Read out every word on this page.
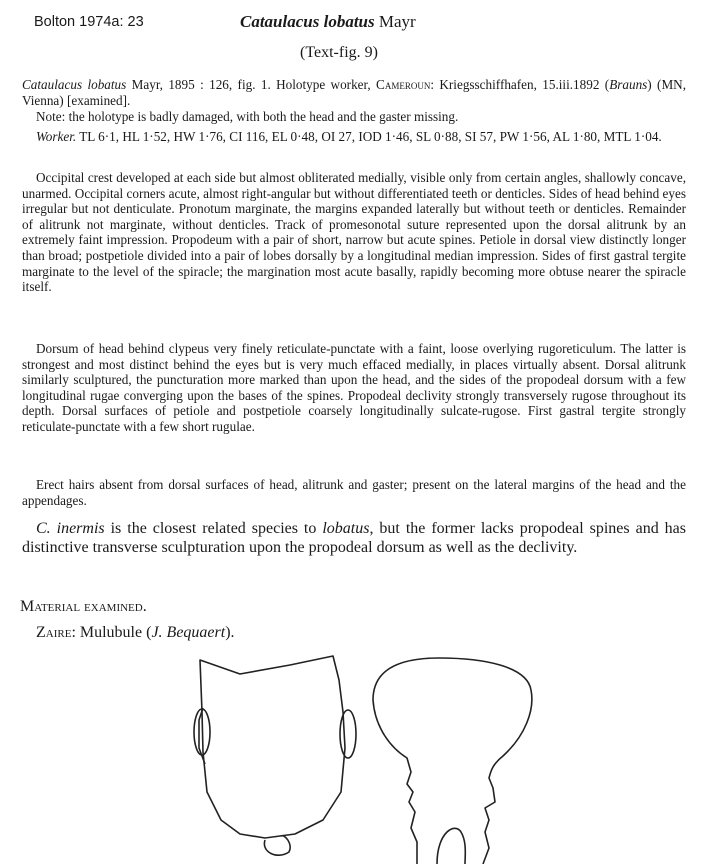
Bolton 1974a: 23	Cataulacus lobatus Mayr
(Text-fig. 9)

Cataulacus lobatus Mayr, 1895 : 126, fig. 1. Holotype worker, Cameroun: Kriegsschiffhafen, 15.iii.1892 (Brauns) (MN, Vienna) [examined].

Note: the holotype is badly damaged, with both the head and the gaster missing.

Worker. TL 6·1, HL 1·52, HW 1·76, CI 116, EL 0·48, OI 27, IOD 1·46, SL 0·88, SI 57, PW 1·56, AL 1·80, MTL 1·04.

Occipital crest developed at each side but almost obliterated medially, visible only from certain angles, shallowly concave, unarmed. Occipital corners acute, almost right-angular but without differentiated teeth or denticles. Sides of head behind eyes irregular but not denticulate. Pronotum marginate, the margins expanded laterally but without teeth or denticles. Remainder of alitrunk not marginate, without denticles. Track of promesonotal suture represented upon the dorsal alitrunk by an extremely faint impression. Propodeum with a pair of short, narrow but acute spines. Petiole in dorsal view distinctly longer than broad; postpetiole divided into a pair of lobes dorsally by a longitudinal median impression. Sides of first gastral tergite marginate to the level of the spiracle; the margination most acute basally, rapidly becoming more obtuse nearer the spiracle itself.

Dorsum of head behind clypeus very finely reticulate-punctate with a faint, loose overlying rugoreticulum. The latter is strongest and most distinct behind the eyes but is very much effaced medially, in places virtually absent. Dorsal alitrunk similarly sculptured, the puncturation more marked than upon the head, and the sides of the propodeal dorsum with a few longitudinal rugae converging upon the bases of the spines. Propodeal declivity strongly transversely rugose throughout its depth. Dorsal surfaces of petiole and postpetiole coarsely longitudinally sulcate-rugose. First gastral tergite strongly reticulate-punctate with a few short rugulae.

Erect hairs absent from dorsal surfaces of head, alitrunk and gaster; present on the lateral margins of the head and the appendages.

C. inermis is the closest related species to lobatus, but the former lacks propodeal spines and has distinctive transverse sculpturation upon the propodeal dorsum as well as the declivity.

Material examined.

Zaire: Mulubule (J. Bequaert).
